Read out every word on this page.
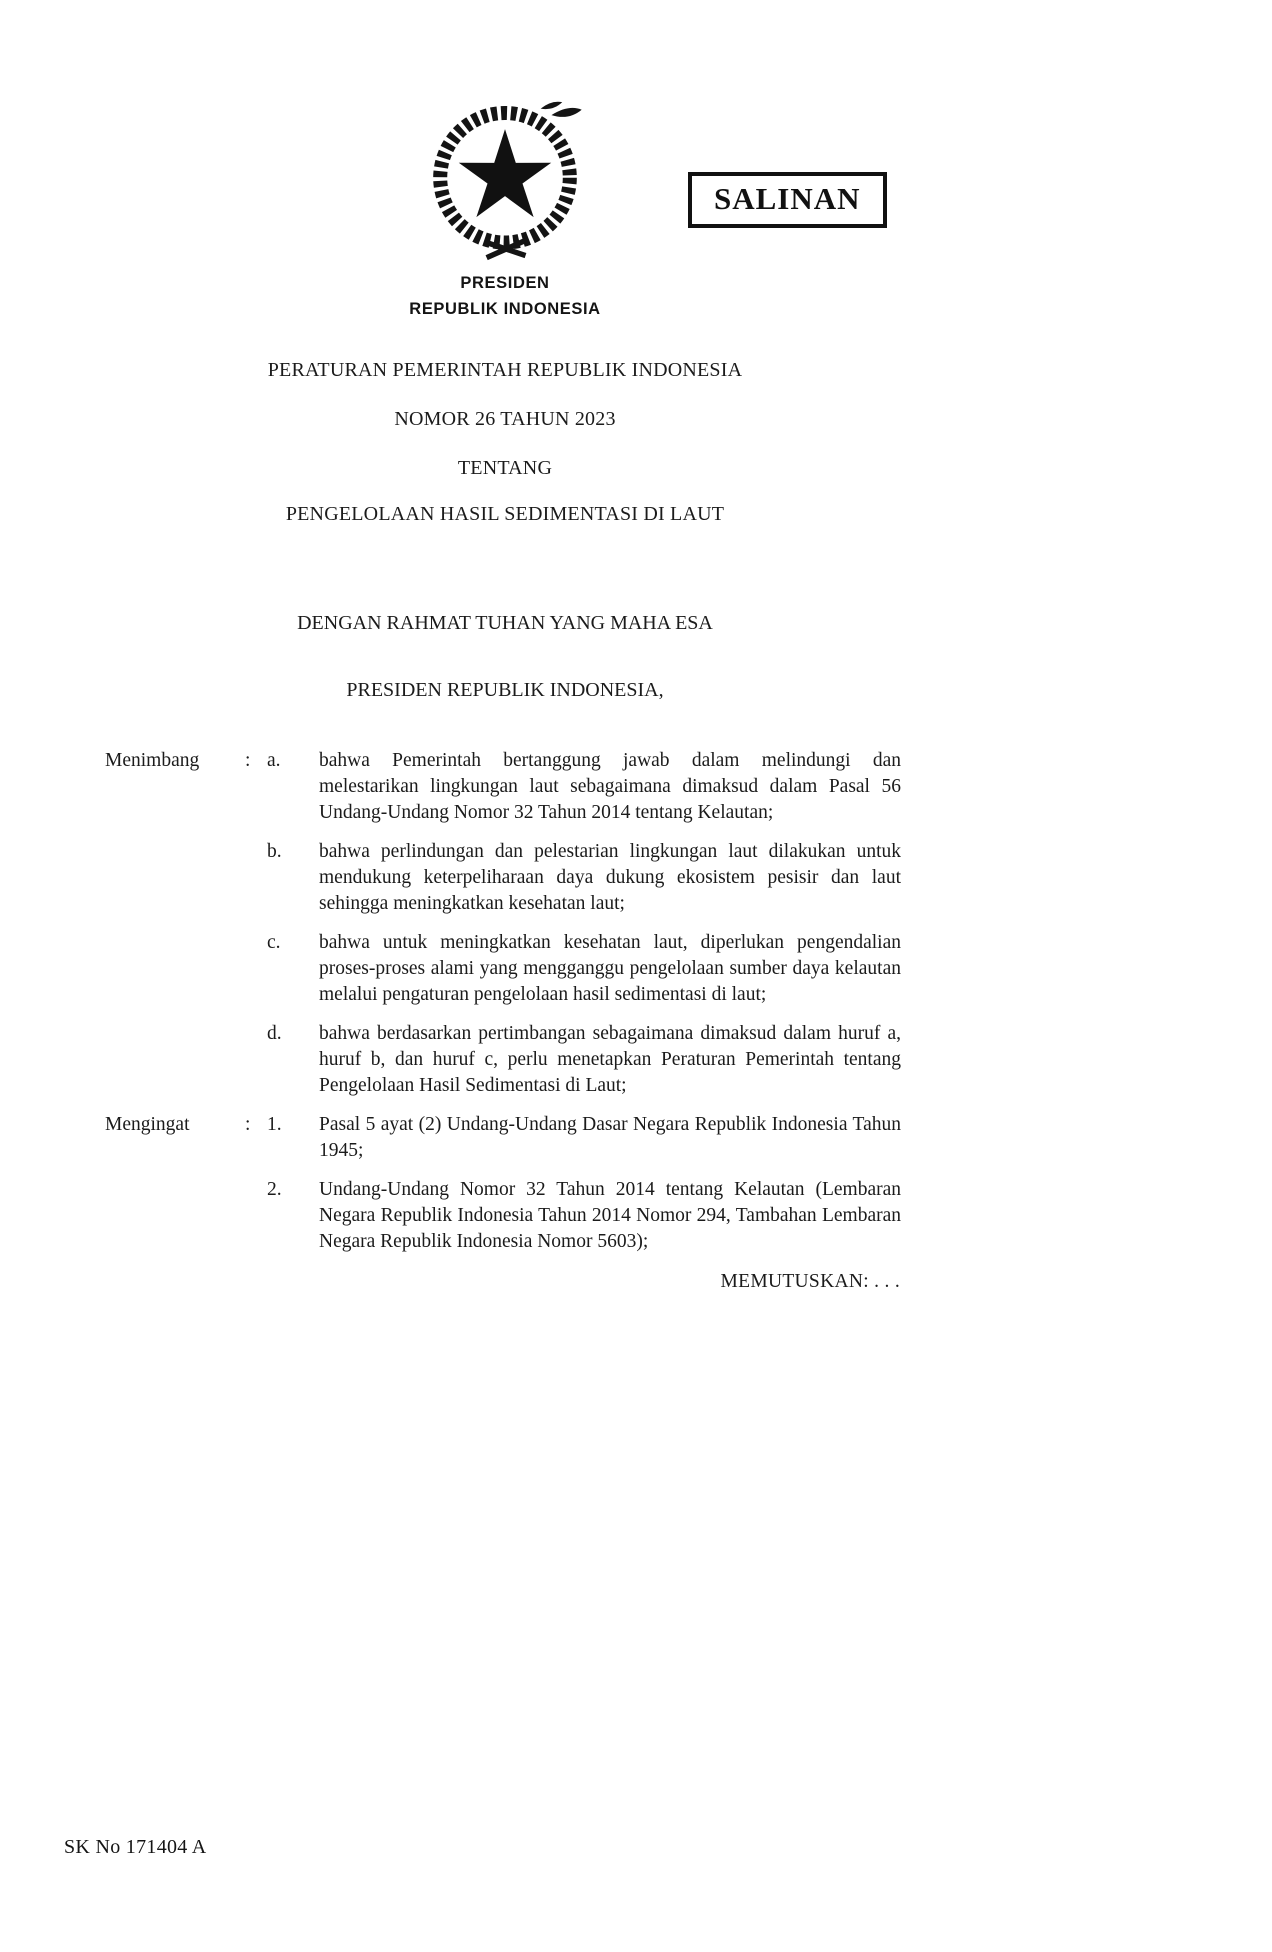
PRESIDEN
REPUBLIK INDONESIA
SALINAN

PERATURAN PEMERINTAH REPUBLIK INDONESIA

NOMOR 26 TAHUN 2023

TENTANG

PENGELOLAAN HASIL SEDIMENTASI DI LAUT

DENGAN RAHMAT TUHAN YANG MAHA ESA

PRESIDEN REPUBLIK INDONESIA,

Menimbang	: a.	bahwa Pemerintah bertanggung jawab dalam melindungi dan melestarikan lingkungan laut sebagaimana dimaksud dalam Pasal 56 Undang-Undang Nomor 32 Tahun 2014 tentang Kelautan;
b.	bahwa perlindungan dan pelestarian lingkungan laut dilakukan untuk mendukung keterpeliharaan daya dukung ekosistem pesisir dan laut sehingga meningkatkan kesehatan laut;
c.	bahwa untuk meningkatkan kesehatan laut, diperlukan pengendalian proses-proses alami yang mengganggu pengelolaan sumber daya kelautan melalui pengaturan pengelolaan hasil sedimentasi di laut;
d.	bahwa berdasarkan pertimbangan sebagaimana dimaksud dalam huruf a, huruf b, dan huruf c, perlu menetapkan Peraturan Pemerintah tentang Pengelolaan Hasil Sedimentasi di Laut;
Mengingat	: 1.	Pasal 5 ayat (2) Undang-Undang Dasar Negara Republik Indonesia Tahun 1945;
2.	Undang-Undang Nomor 32 Tahun 2014 tentang Kelautan (Lembaran Negara Republik Indonesia Tahun 2014 Nomor 294, Tambahan Lembaran Negara Republik Indonesia Nomor 5603);
MEMUTUSKAN: . . .
SK No 171404 A
